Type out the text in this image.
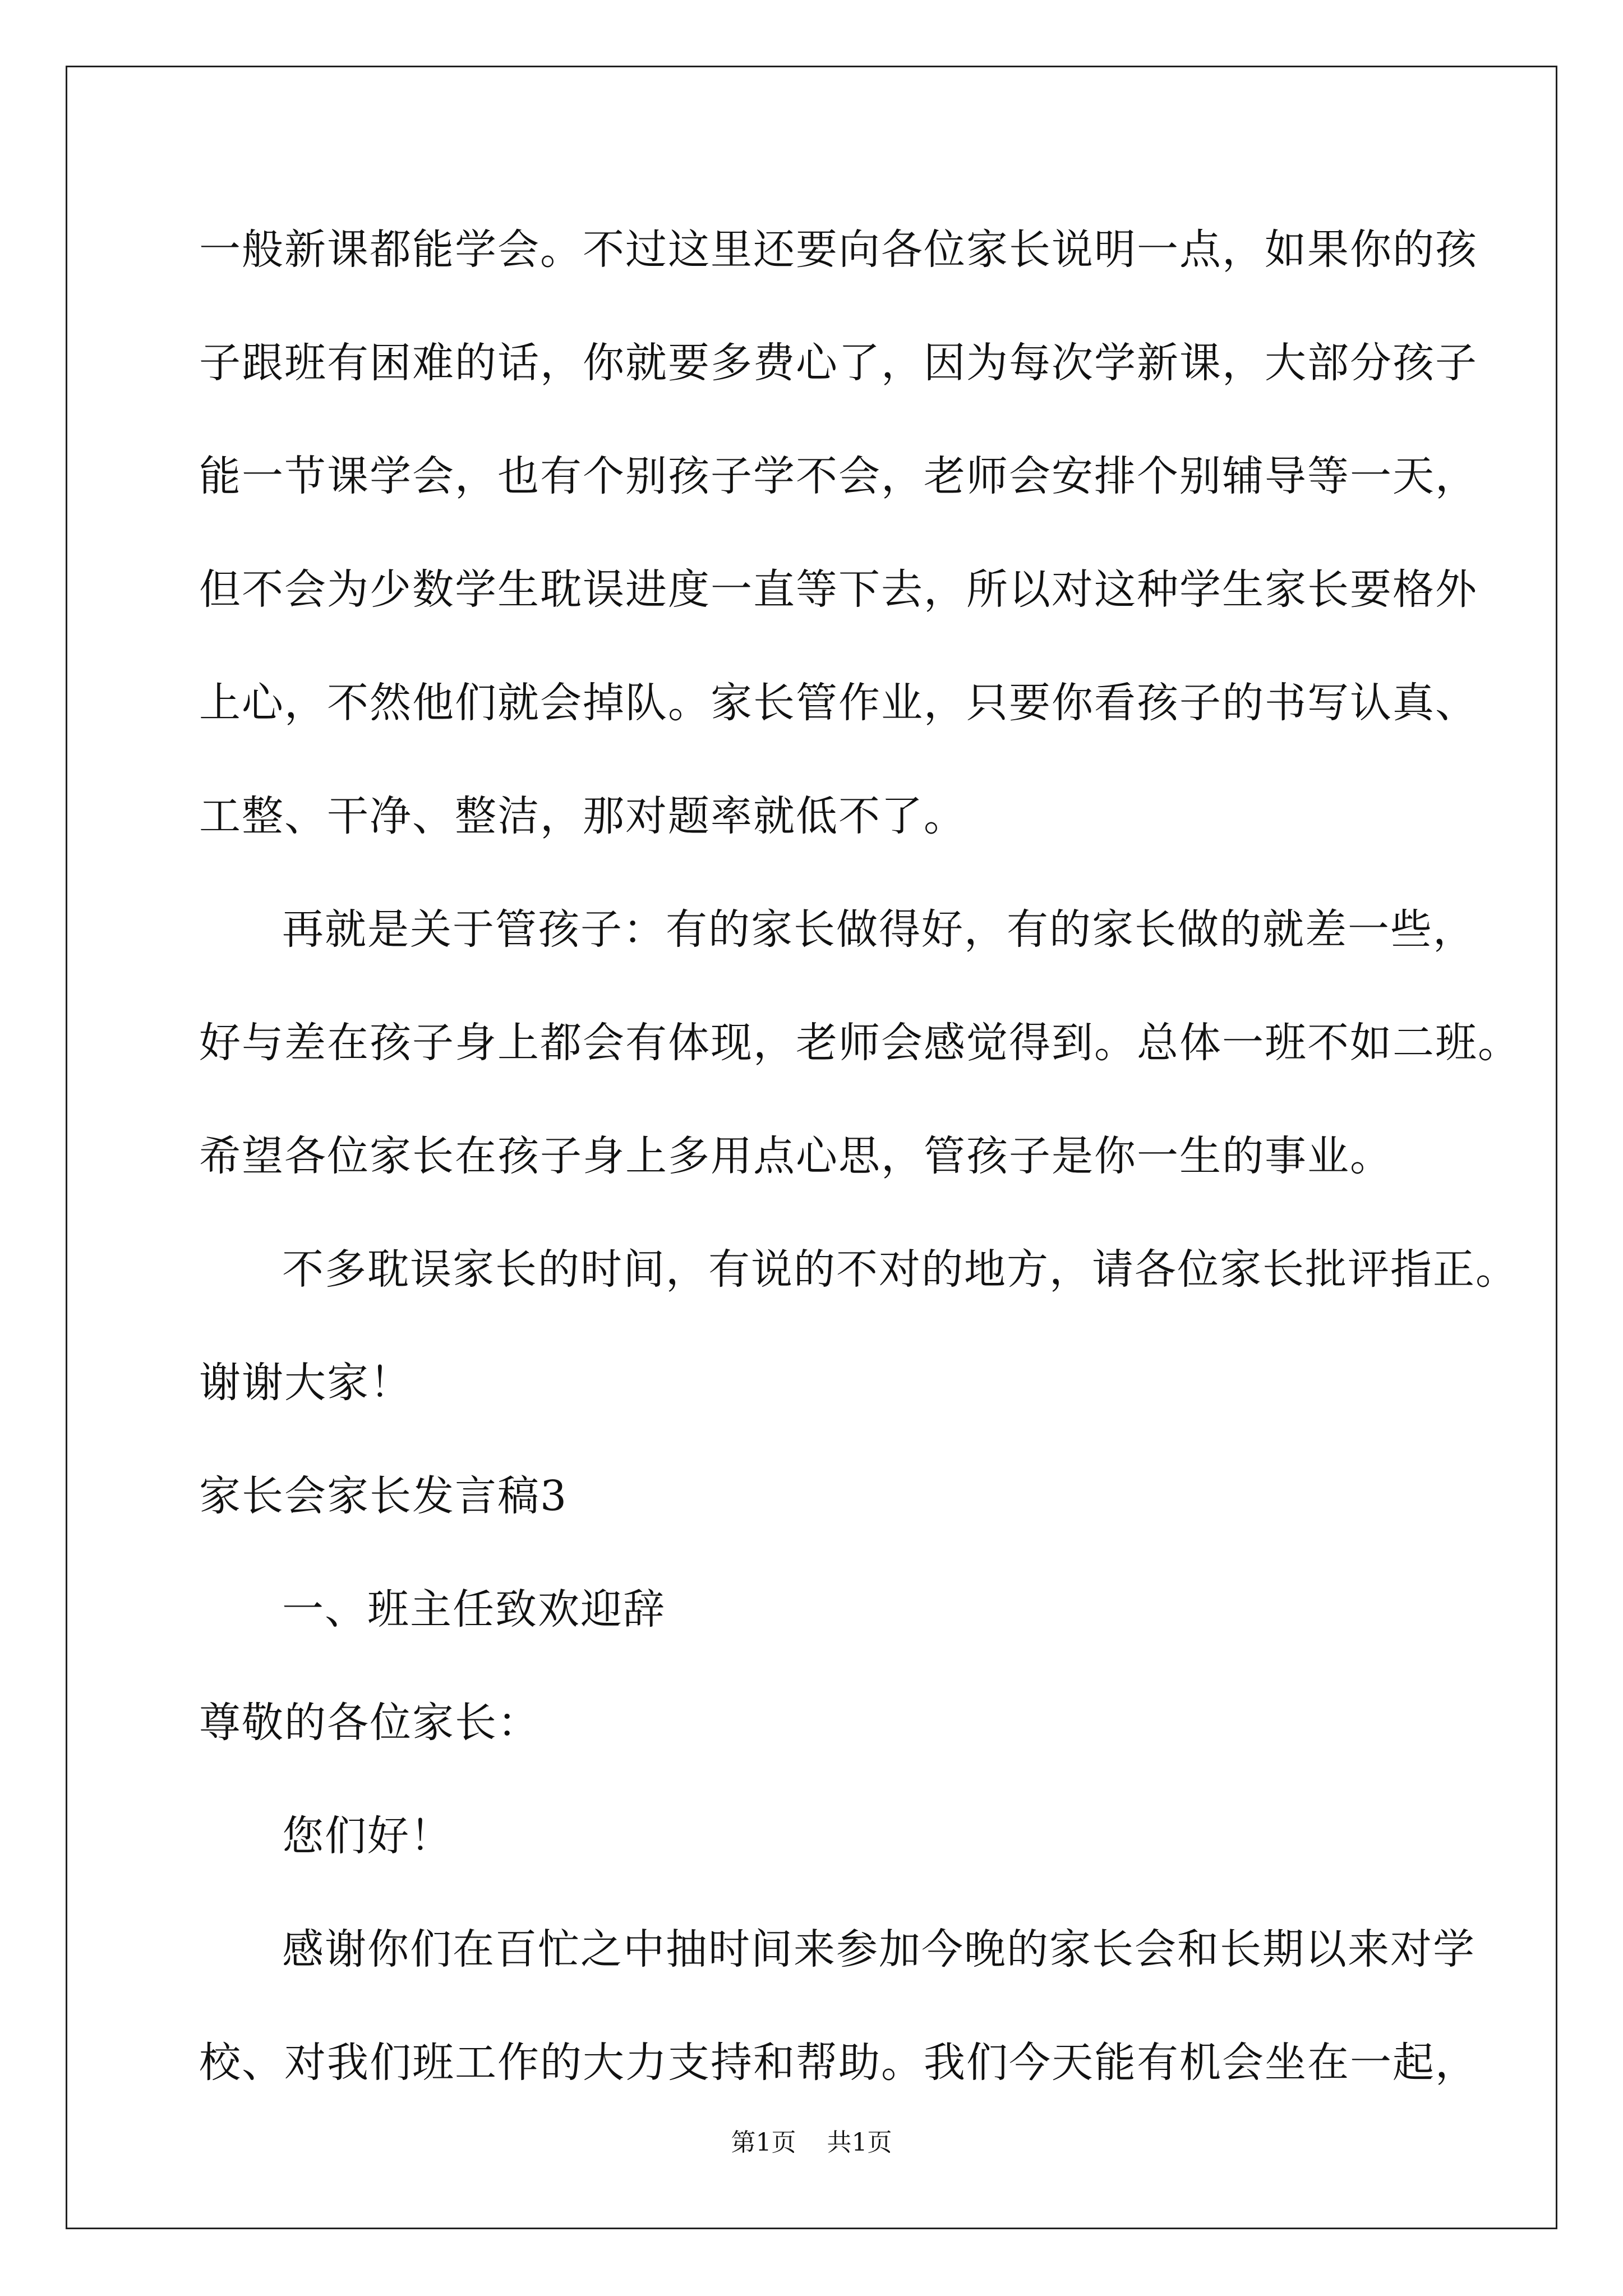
一般新课都能学会。不过这里还要向各位家长说明一点，如果你的孩
子跟班有困难的话，你就要多费心了，因为每次学新课，大部分孩子
能一节课学会，也有个别孩子学不会，老师会安排个别辅导等一天，
但不会为少数学生耽误进度一直等下去，所以对这种学生家长要格外
上心，不然他们就会掉队。家长管作业，只要你看孩子的书写认真、
工整、干净、整洁，那对题率就低不了。
再就是关于管孩子：有的家长做得好，有的家长做的就差一些，
好与差在孩子身上都会有体现，老师会感觉得到。总体一班不如二班。
希望各位家长在孩子身上多用点心思，管孩子是你一生的事业。
不多耽误家长的时间，有说的不对的地方，请各位家长批评指正。
谢谢大家！
家长会家长发言稿3
一、班主任致欢迎辞
尊敬的各位家长：
您们好！
感谢你们在百忙之中抽时间来参加今晚的家长会和长期以来对学
校、对我们班工作的大力支持和帮助。我们今天能有机会坐在一起，
第1页 共1页
